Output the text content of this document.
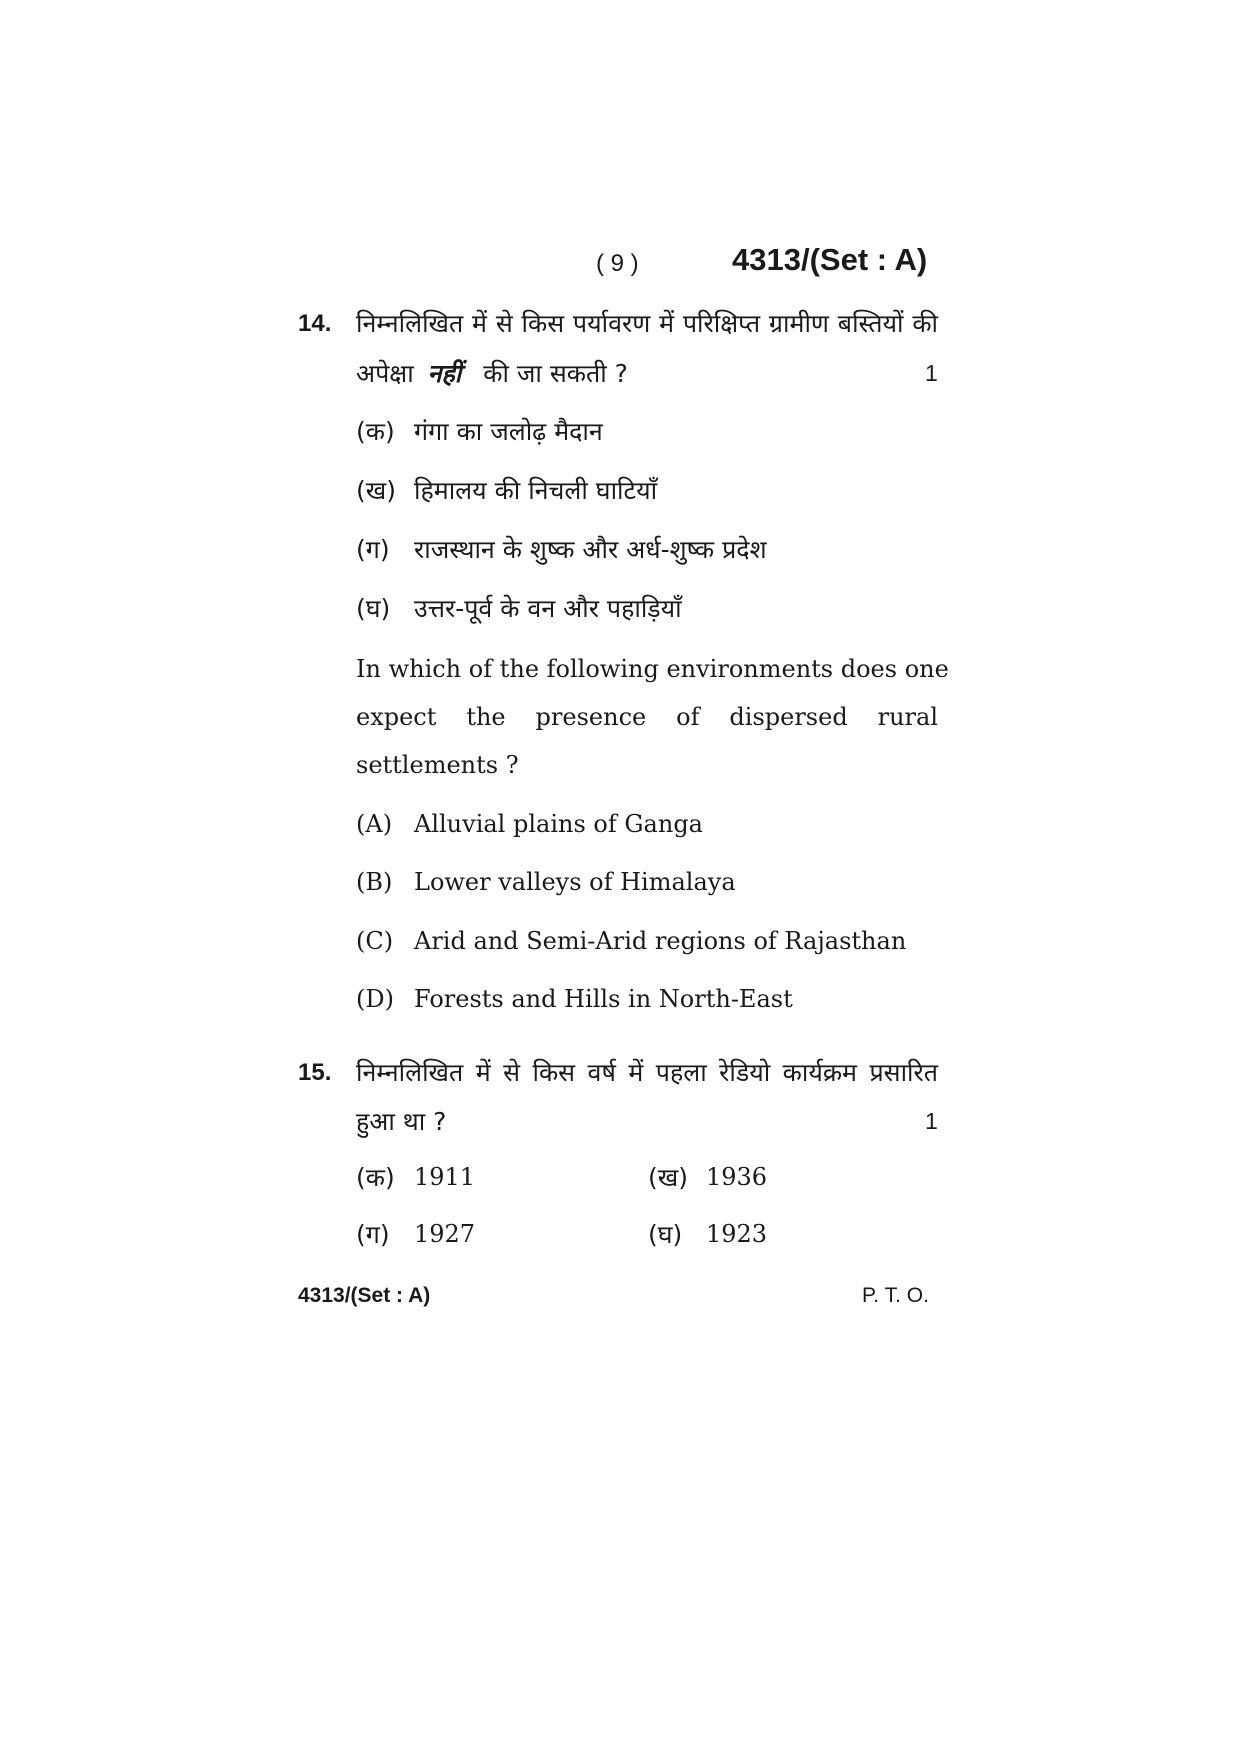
( 9 )	4313/(Set : A)
14. निम्नलिखित में से किस पर्यावरण में परिक्षिप्त ग्रामीण बस्तियों की
अपेक्षा नहीं की जा सकती ?	1
(क) गंगा का जलोढ़ मैदान
(ख) हिमालय की निचली घाटियाँ
(ग) राजस्थान के शुष्क और अर्ध-शुष्क प्रदेश
(घ) उत्तर-पूर्व के वन और पहाड़ियाँ
In which of the following environments does one
expect the presence of dispersed rural
settlements ?
(A) Alluvial plains of Ganga
(B) Lower valleys of Himalaya
(C) Arid and Semi-Arid regions of Rajasthan
(D) Forests and Hills in North-East
15. निम्नलिखित में से किस वर्ष में पहला रेडियो कार्यक्रम प्रसारित
हुआ था ?	1
(क) 1911	(ख) 1936
(ग) 1927	(घ) 1923
4313/(Set : A)	P. T. O.
